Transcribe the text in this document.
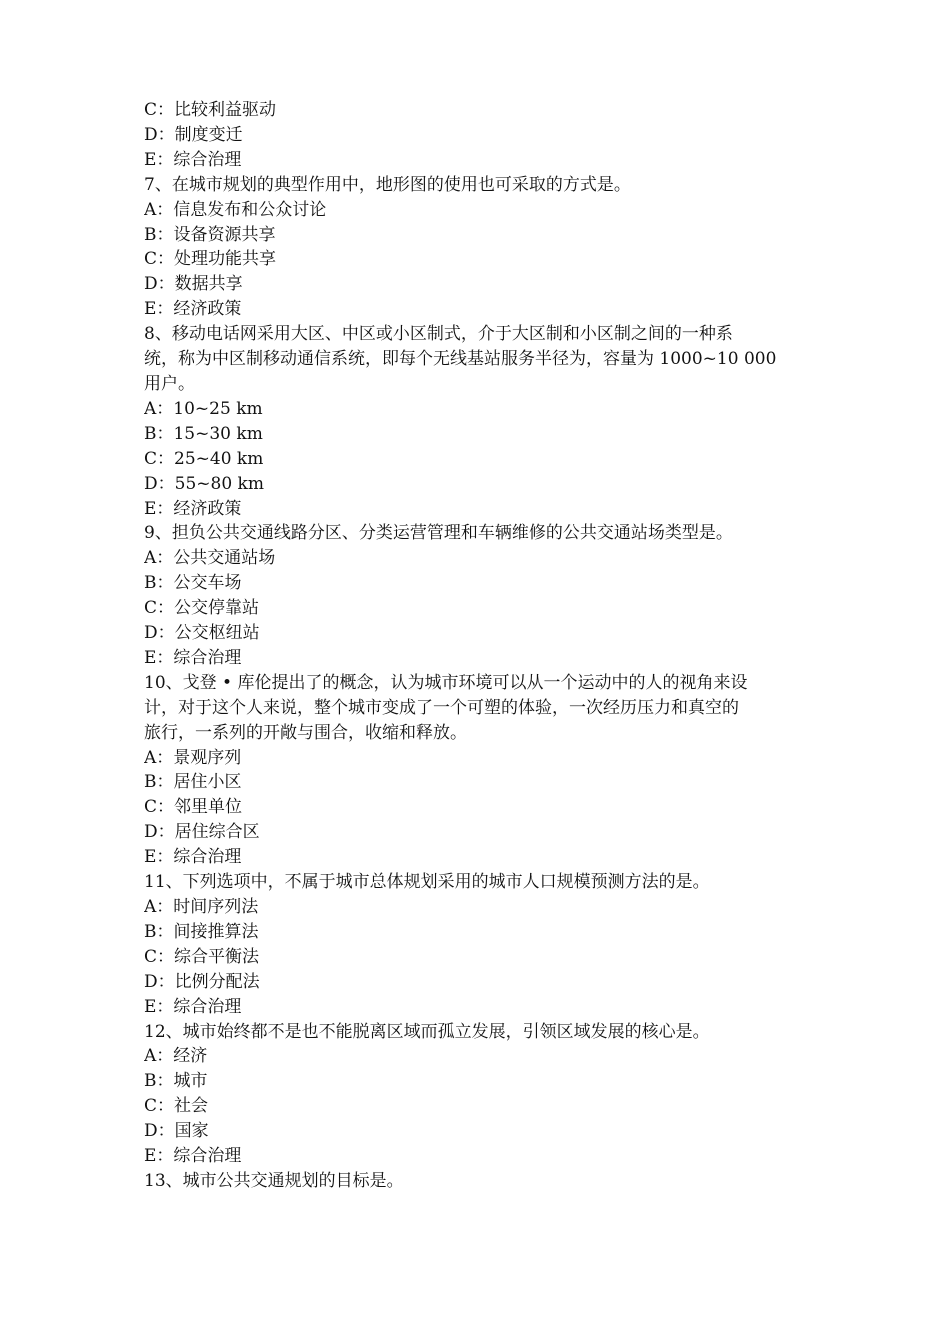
C：比较利益驱动
D：制度变迁
E：综合治理
7、在城市规划的典型作用中，地形图的使用也可采取的方式是。
A：信息发布和公众讨论
B：设备资源共享
C：处理功能共享
D：数据共享
E：经济政策
8、移动电话网采用大区、中区或小区制式，介于大区制和小区制之间的一种系
统，称为中区制移动通信系统，即每个无线基站服务半径为，容量为 1000~10 000
用户。
A：10~25 km
B：15~30 km
C：25~40 km
D：55~80 km
E：经济政策
9、担负公共交通线路分区、分类运营管理和车辆维修的公共交通站场类型是。
A：公共交通站场
B：公交车场
C：公交停靠站
D：公交枢纽站
E：综合治理
10、戈登 • 库伦提出了的概念，认为城市环境可以从一个运动中的人的视角来设
计，对于这个人来说，整个城市变成了一个可塑的体验，一次经历压力和真空的
旅行，一系列的开敞与围合，收缩和释放。
A：景观序列
B：居住小区
C：邻里单位
D：居住综合区
E：综合治理
11、下列选项中，不属于城市总体规划采用的城市人口规模预测方法的是。
A：时间序列法
B：间接推算法
C：综合平衡法
D：比例分配法
E：综合治理
12、城市始终都不是也不能脱离区域而孤立发展，引领区域发展的核心是。
A：经济
B：城市
C：社会
D：国家
E：综合治理
13、城市公共交通规划的目标是。
